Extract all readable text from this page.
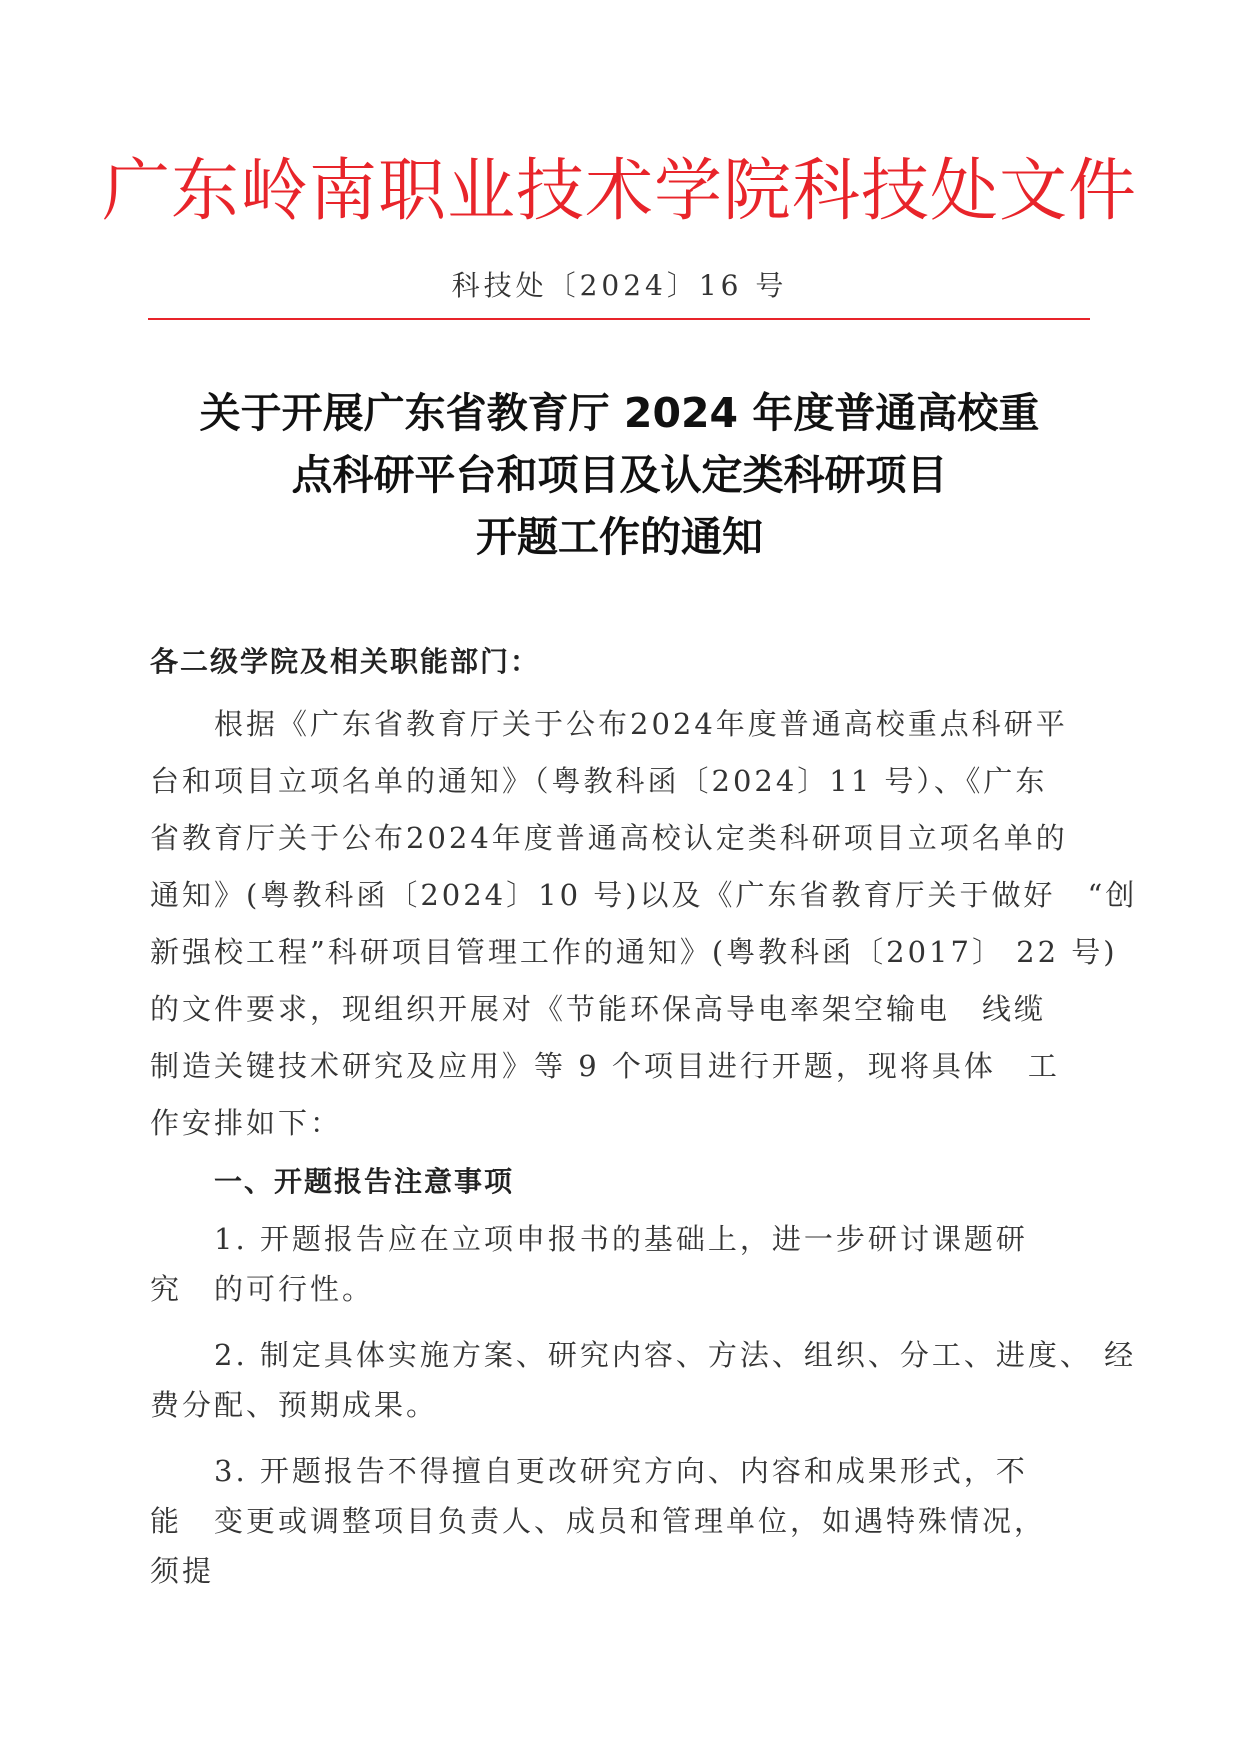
广东岭南职业技术学院科技处文件
科技处〔2024〕16 号
关于开展广东省教育厅 2024 年度普通高校重
点科研平台和项目及认定类科研项目
开题工作的通知
各二级学院及相关职能部门：
　　根据《广东省教育厅关于公布2024年度普通高校重点科研平
台和项目立项名单的通知》（粤教科函〔2024〕11 号）、《广东
省教育厅关于公布2024年度普通高校认定类科研项目立项名单的
通知》(粤教科函〔2024〕10 号)以及《广东省教育厅关于做好　“创
新强校工程”科研项目管理工作的通知》(粤教科函〔2017〕 22 号)
的文件要求，现组织开展对《节能环保高导电率架空输电　线缆
制造关键技术研究及应用》等 9 个项目进行开题，现将具体　工
作安排如下：
一、开题报告注意事项
　　1. 开题报告应在立项申报书的基础上，进一步研讨课题研
究　的可行性。
　　2. 制定具体实施方案、研究内容、方法、组织、分工、进度、 经
费分配、预期成果。
　　3. 开题报告不得擅自更改研究方向、内容和成果形式，不
能　变更或调整项目负责人、成员和管理单位，如遇特殊情况，
须提
